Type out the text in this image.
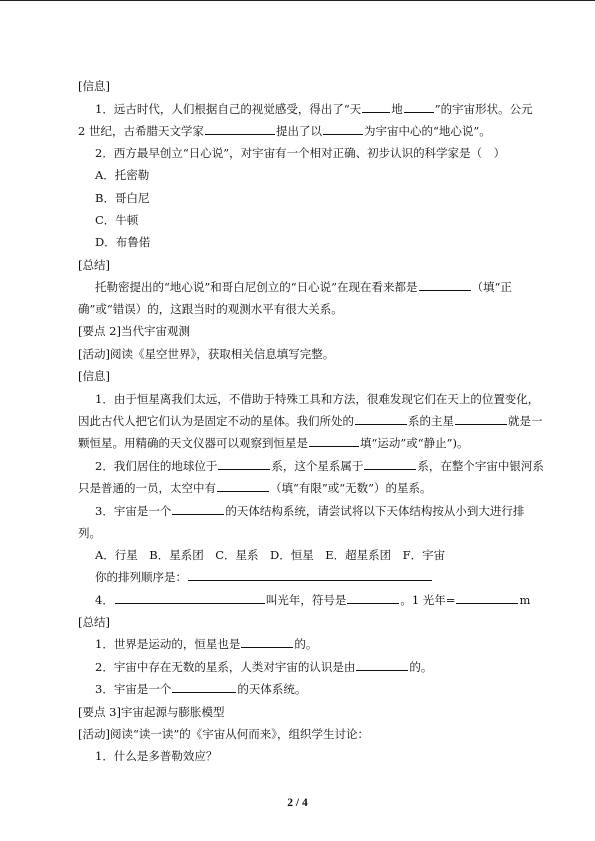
[信息]
1．远古时代，人们根据自己的视觉感受，得出了“天	地	”的宇宙形状。公元
2 世纪，古希腊天文学家	提出了以	为宇宙中心的“地心说”。
2．西方最早创立“日心说”，对宇宙有一个相对正确、初步认识的科学家是（　）
A．托密勒
B．哥白尼
C．牛顿
D．布鲁偌
[总结]
托勒密提出的“地心说”和哥白尼创立的“日心说”在现在看来都是	（填“正
确”或“错误）的，这跟当时的观测水平有很大关系。
[要点 2]当代宇宙观测
[活动]阅读《星空世界》，获取相关信息填写完整。
[信息]
1．由于恒星离我们太远，不借助于特殊工具和方法，很难发现它们在天上的位置变化，
因此古代人把它们认为是固定不动的星体。我们所处的	系的主星	就是一
颗恒星。用精确的天文仪器可以观察到恒星是	填“运动”或“静止”)。
2．我们居住的地球位于	系，这个星系属于	系，在整个宇宙中银河系
只是普通的一员，太空中有	（填“有限”或“无数”）的星系。
3．宇宙是一个	的天体结构系统，请尝试将以下天体结构按从小到大进行排
列。
A．行星　B．星系团　C．星系　D．恒星　E．超星系团　F．宇宙
你的排列顺序是：
4．	叫光年，符号是	。1 光年=	m
[总结]
1．世界是运动的，恒星也是	的。
2．宇宙中存在无数的星系，人类对宇宙的认识是由	的。
3．宇宙是一个	的天体系统。
[要点 3]宇宙起源与膨胀模型
[活动]阅读“读一读”的《宇宙从何而来》，组织学生讨论：
1．什么是多普勒效应？
2 / 4
